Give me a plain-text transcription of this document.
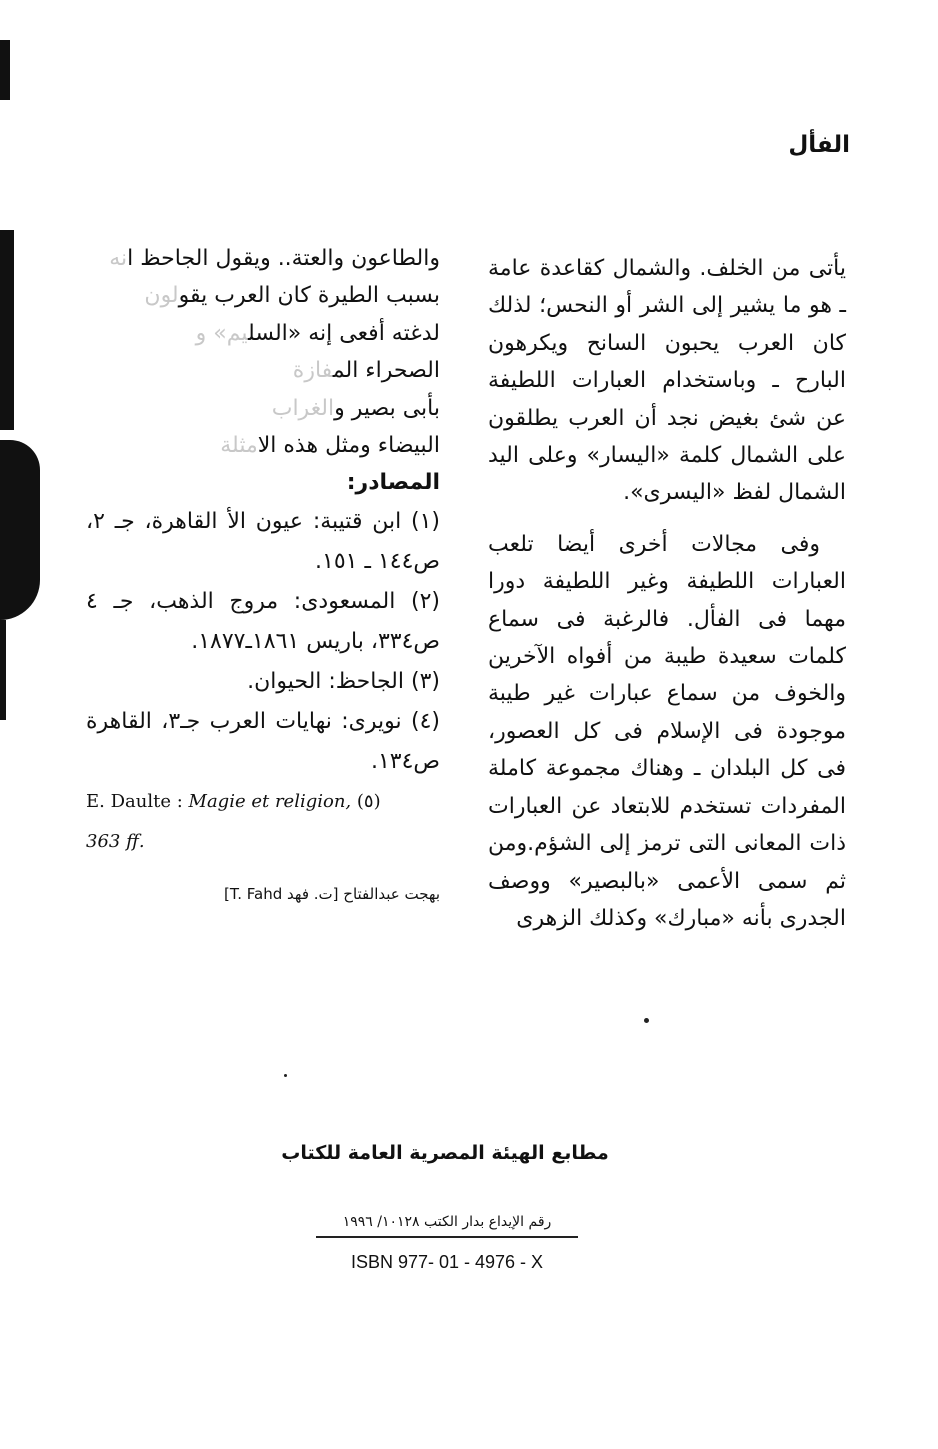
الفأل

يأتى من الخلف. والشمال كقاعدة عامة ـ هو ما يشير إلى الشر أو النحس؛ لذلك كان العرب يحبون السانح ويكرهون البارح ـ وباستخدام العبارات اللطيفة عن شئ بغيض نجد أن العرب يطلقون على الشمال كلمة «اليسار» وعلى اليد الشمال لفظ «اليسرى».

وفى مجالات أخرى أيضا تلعب العبارات اللطيفة وغير اللطيفة دورا مهما فى الفأل. فالرغبة فى سماع كلمات سعيدة طيبة من أفواه الآخرين والخوف من سماع عبارات غير طيبة موجودة فى الإسلام فى كل العصور، فى كل البلدان ـ وهناك مجموعة كاملة المفردات تستخدم للابتعاد عن العبارات ذات المعانى التى ترمز إلى الشؤم.ومن ثم سمى الأعمى «بالبصير» ووصف الجدرى بأنه «مبارك» وكذلك الزهرى

والطاعون والعتة.. ويقول الجاحظ انه

بسبب الطيرة كان العرب يقولون

لدغته أفعى إنه «السليم» و

الصحراء المفازة

بأبى بصير والغراب

البيضاء ومثل هذه الامثلة

المصادر:

(١) ابن قتيبة: عيون الأ القاهرة، جـ ٢، ص١٤٤ ـ ١٥١.

(٢) المسعودى: مروج الذهب، جـ ٤ ص٣٣٤، باريس ١٨٦١ـ١٨٧٧.

(٣) الجاحظ: الحيوان.

(٤) نويرى: نهايات العرب جـ٣، القاهرة ص١٣٤.

E. Daulte : Magie et religion, (٥)
363 ff.

بهجت عبدالفتاح [ت. فهد T. Fahd]
مطابع الهيئة المصرية العامة للكتاب
رقم الإيداع بدار الكتب ١٠١٢٨/ ١٩٩٦
ISBN 977- 01 - 4976 - X
